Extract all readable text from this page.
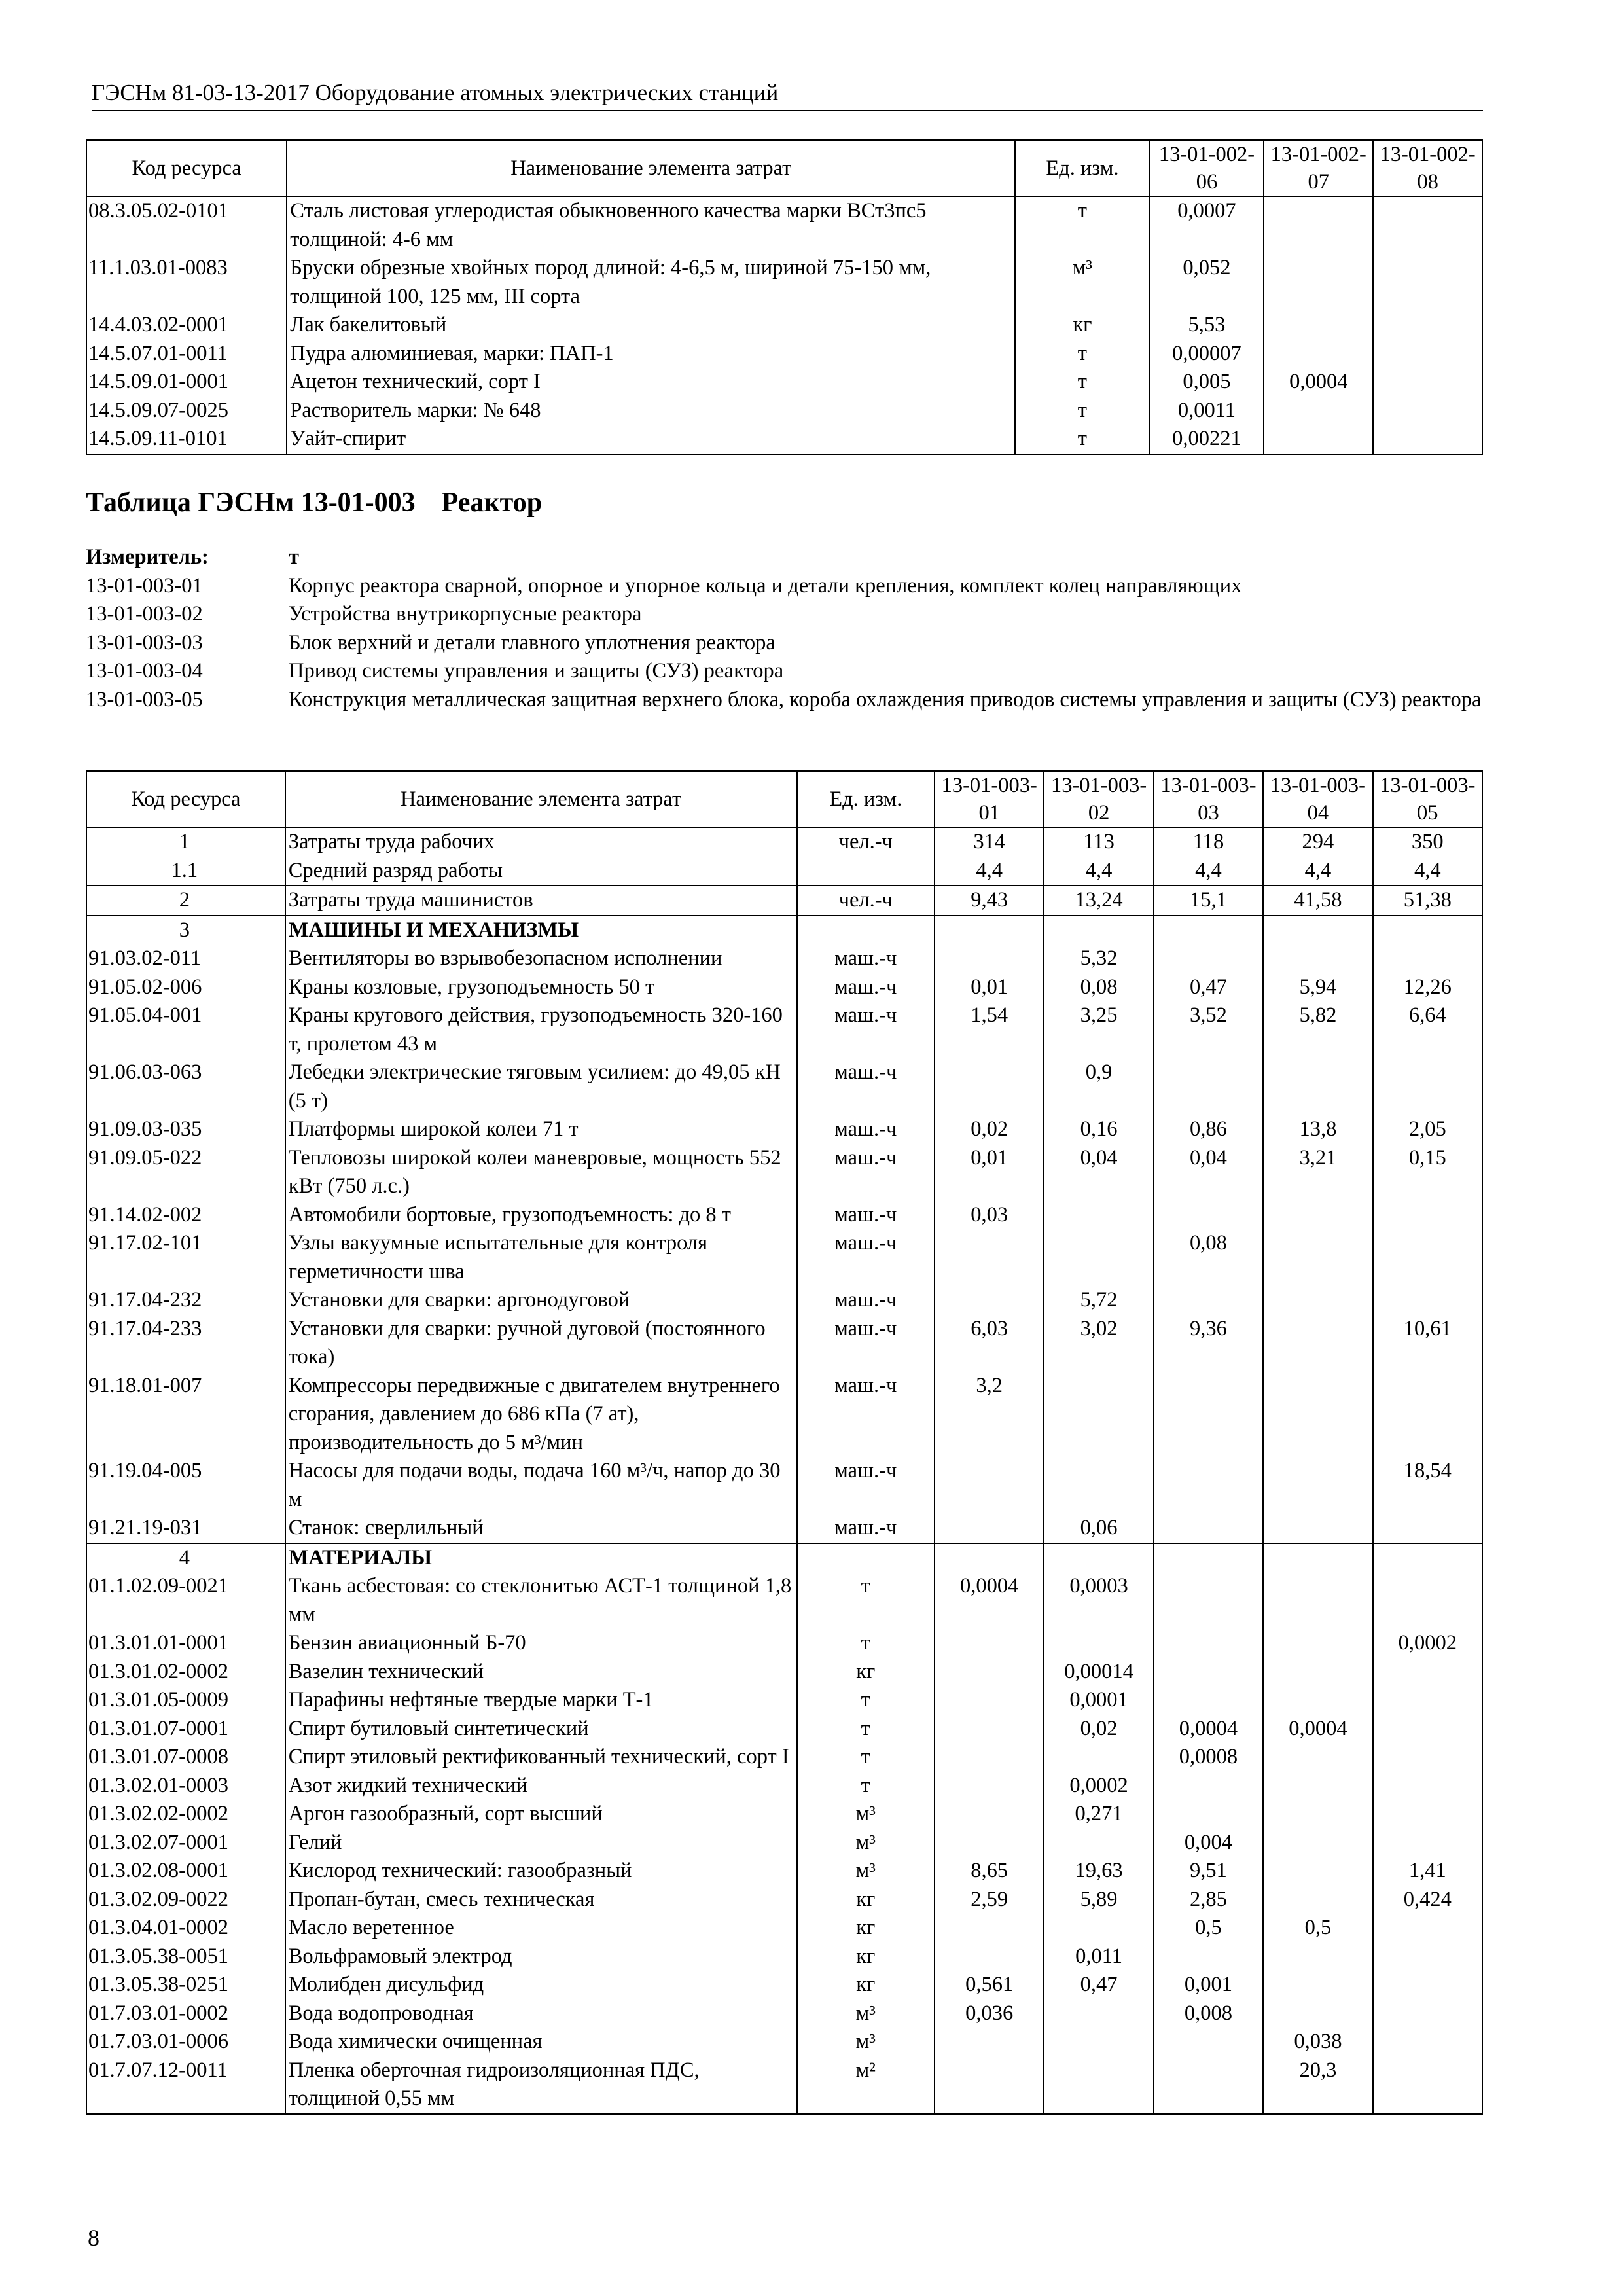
ГЭСНм 81-03-13-2017 Оборудование атомных электрических станций
Код ресурса	Наименование элемента затрат	Ед. изм.	13-01-002-06	13-01-002-07	13-01-002-08
08.3.05.02-0101	Сталь листовая углеродистая обыкновенного качества марки ВСт3пс5 толщиной: 4-6 мм	т	0,0007		
11.1.03.01-0083	Бруски обрезные хвойных пород длиной: 4-6,5 м, шириной 75-150 мм, толщиной 100, 125 мм, III сорта	м³	0,052		
14.4.03.02-0001	Лак бакелитовый	кг	5,53		
14.5.07.01-0011	Пудра алюминиевая, марки: ПАП-1	т	0,00007		
14.5.09.01-0001	Ацетон технический, сорт I	т	0,005	0,0004	
14.5.09.07-0025	Растворитель марки: № 648	т	0,0011		
14.5.09.11-0101	Уайт-спирит	т	0,00221		
Таблица ГЭСНм 13-01-003 Реактор
Измеритель:	т
13-01-003-01	Корпус реактора сварной, опорное и упорное кольца и детали крепления, комплект колец направляющих
13-01-003-02	Устройства внутрикорпусные реактора
13-01-003-03	Блок верхний и детали главного уплотнения реактора
13-01-003-04	Привод системы управления и защиты (СУЗ) реактора
13-01-003-05	Конструкция металлическая защитная верхнего блока, короба охлаждения приводов системы управления и защиты (СУЗ) реактора
Код ресурса	Наименование элемента затрат	Ед. изм.	13-01-003-01	13-01-003-02	13-01-003-03	13-01-003-04	13-01-003-05
1	Затраты труда рабочих	чел.-ч	314	113	118	294	350
1.1	Средний разряд работы		4,4	4,4	4,4	4,4	4,4
2	Затраты труда машинистов	чел.-ч	9,43	13,24	15,1	41,58	51,38
3	МАШИНЫ И МЕХАНИЗМЫ						
91.03.02-011	Вентиляторы во взрывобезопасном исполнении	маш.-ч		5,32			
91.05.02-006	Краны козловые, грузоподъемность 50 т	маш.-ч	0,01	0,08	0,47	5,94	12,26
91.05.04-001	Краны кругового действия, грузоподъемность 320-160 т, пролетом 43 м	маш.-ч	1,54	3,25	3,52	5,82	6,64
91.06.03-063	Лебедки электрические тяговым усилием: до 49,05 кН (5 т)	маш.-ч		0,9			
91.09.03-035	Платформы широкой колеи 71 т	маш.-ч	0,02	0,16	0,86	13,8	2,05
91.09.05-022	Тепловозы широкой колеи маневровые, мощность 552 кВт (750 л.с.)	маш.-ч	0,01	0,04	0,04	3,21	0,15
91.14.02-002	Автомобили бортовые, грузоподъемность: до 8 т	маш.-ч	0,03				
91.17.02-101	Узлы вакуумные испытательные для контроля герметичности шва	маш.-ч			0,08		
91.17.04-232	Установки для сварки: аргонодуговой	маш.-ч		5,72			
91.17.04-233	Установки для сварки: ручной дуговой (постоянного тока)	маш.-ч	6,03	3,02	9,36		10,61
91.18.01-007	Компрессоры передвижные с двигателем внутреннего сгорания, давлением до 686 кПа (7 ат), производительность до 5 м³/мин	маш.-ч	3,2				
91.19.04-005	Насосы для подачи воды, подача 160 м³/ч, напор до 30 м	маш.-ч					18,54
91.21.19-031	Станок: сверлильный	маш.-ч		0,06			
4	МАТЕРИАЛЫ						
01.1.02.09-0021	Ткань асбестовая: со стеклонитью АСТ-1 толщиной 1,8 мм	т	0,0004	0,0003			
01.3.01.01-0001	Бензин авиационный Б-70	т					0,0002
01.3.01.02-0002	Вазелин технический	кг		0,00014			
01.3.01.05-0009	Парафины нефтяные твердые марки Т-1	т		0,0001			
01.3.01.07-0001	Спирт бутиловый синтетический	т		0,02	0,0004	0,0004	
01.3.01.07-0008	Спирт этиловый ректификованный технический, сорт I	т			0,0008		
01.3.02.01-0003	Азот жидкий технический	т		0,0002			
01.3.02.02-0002	Аргон газообразный, сорт высший	м³		0,271			
01.3.02.07-0001	Гелий	м³			0,004		
01.3.02.08-0001	Кислород технический: газообразный	м³	8,65	19,63	9,51		1,41
01.3.02.09-0022	Пропан-бутан, смесь техническая	кг	2,59	5,89	2,85		0,424
01.3.04.01-0002	Масло веретенное	кг			0,5	0,5	
01.3.05.38-0051	Вольфрамовый электрод	кг		0,011			
01.3.05.38-0251	Молибден дисульфид	кг	0,561	0,47	0,001		
01.7.03.01-0002	Вода водопроводная	м³	0,036		0,008		
01.7.03.01-0006	Вода химически очищенная	м³				0,038	
01.7.07.12-0011	Пленка оберточная гидроизоляционная ПДС, толщиной 0,55 мм	м²				20,3	
8
